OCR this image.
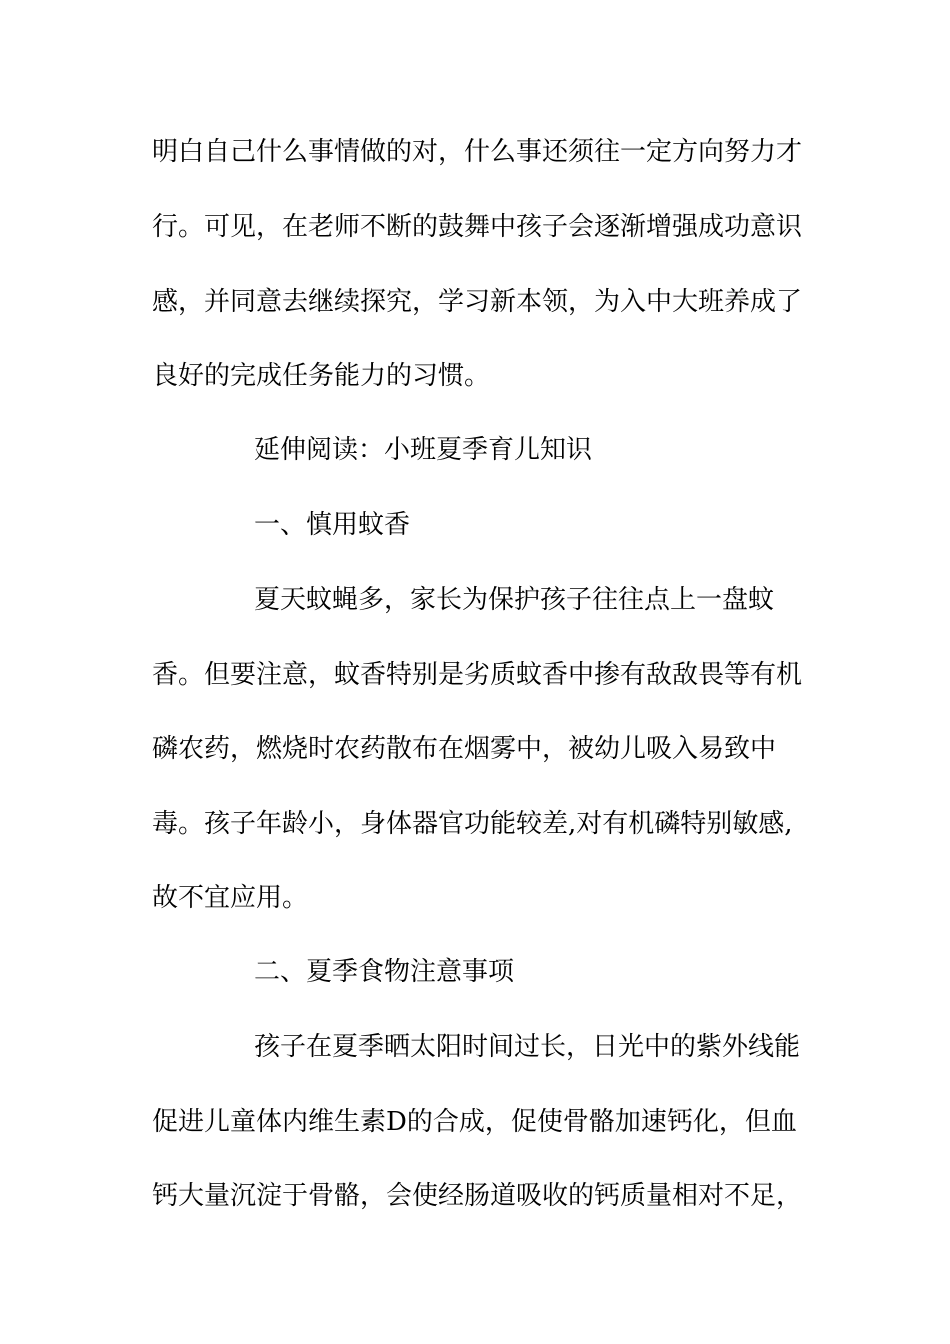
明白自己什么事情做的对，什么事还须往一定方向努力才
行。可见，在老师不断的鼓舞中孩子会逐渐增强成功意识
感，并同意去继续探究，学习新本领，为入中大班养成了
良好的完成任务能力的习惯。
延伸阅读：小班夏季育儿知识
一、慎用蚊香
夏天蚊蝇多，家长为保护孩子往往点上一盘蚊
香。但要注意，蚊香特别是劣质蚊香中掺有敌敌畏等有机
磷农药，燃烧时农药散布在烟雾中，被幼儿吸入易致中
毒。孩子年龄小，身体器官功能较差,对有机磷特别敏感,
故不宜应用。
二、夏季食物注意事项
孩子在夏季晒太阳时间过长，日光中的紫外线能
促进儿童体内维生素D的合成，促使骨骼加速钙化，但血
钙大量沉淀于骨骼，会使经肠道吸收的钙质量相对不足，
